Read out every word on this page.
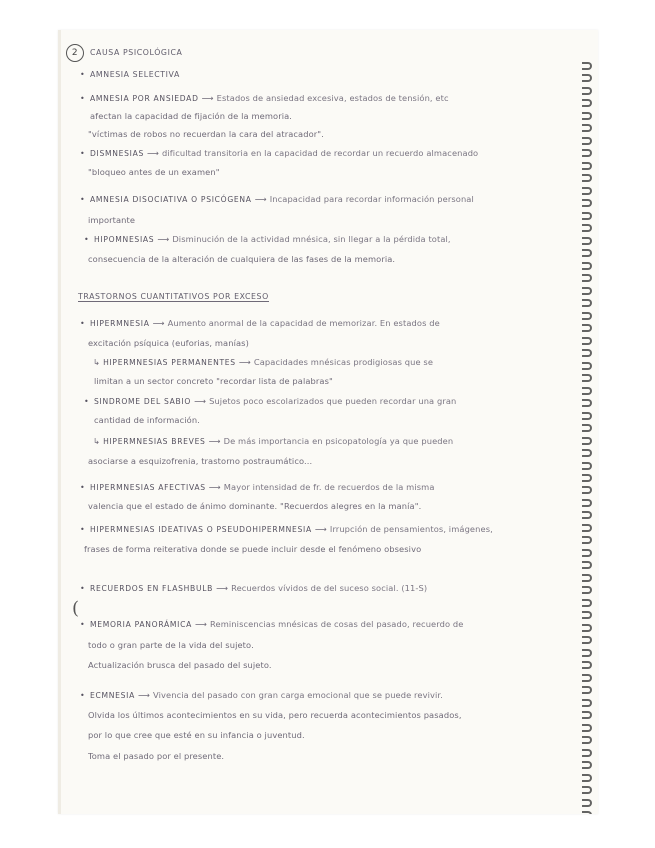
2 CAUSA PSICOLÓGICA
• AMNESIA SELECTIVA
• AMNESIA POR ANSIEDAD ⟶ Estados de ansiedad excesiva, estados de tensión, etc
afectan la capacidad de fijación de la memoria.
"víctimas de robos no recuerdan la cara del atracador".
• DISMNESIAS ⟶ dificultad transitoria en la capacidad de recordar un recuerdo almacenado
"bloqueo antes de un examen"
• AMNESIA DISOCIATIVA O PSICÓGENA ⟶ Incapacidad para recordar información personal
importante
• HIPOMNESIAS ⟶ Disminución de la actividad mnésica, sin llegar a la pérdida total,
consecuencia de la alteración de cualquiera de las fases de la memoria.
TRASTORNOS CUANTITATIVOS POR EXCESO
• HIPERMNESIA ⟶ Aumento anormal de la capacidad de memorizar. En estados de
excitación psíquica (euforias, manías)
↳ HIPERMNESIAS PERMANENTES ⟶ Capacidades mnésicas prodigiosas que se
limitan a un sector concreto "recordar lista de palabras"
• SINDROME DEL SABIO ⟶ Sujetos poco escolarizados que pueden recordar una gran
cantidad de información.
↳ HIPERMNESIAS BREVES ⟶ De más importancia en psicopatología ya que pueden
asociarse a esquizofrenia, trastorno postraumático...
• HIPERMNESIAS AFECTIVAS ⟶ Mayor intensidad de fr. de recuerdos de la misma
valencia que el estado de ánimo dominante. "Recuerdos alegres en la manía".
• HIPERMNESIAS IDEATIVAS O PSEUDOHIPERMNESIA ⟶ Irrupción de pensamientos, imágenes,
frases de forma reiterativa donde se puede incluir desde el fenómeno obsesivo
(
• RECUERDOS EN FLASHBULB ⟶ Recuerdos vívidos de del suceso social. (11-S)
• MEMORIA PANORÁMICA ⟶ Reminiscencias mnésicas de cosas del pasado, recuerdo de
todo o gran parte de la vida del sujeto.
Actualización brusca del pasado del sujeto.
• ECMNESIA ⟶ Vivencia del pasado con gran carga emocional que se puede revivir.
Olvida los últimos acontecimientos en su vida, pero recuerda acontecimientos pasados,
por lo que cree que esté en su infancia o juventud.
Toma el pasado por el presente.
